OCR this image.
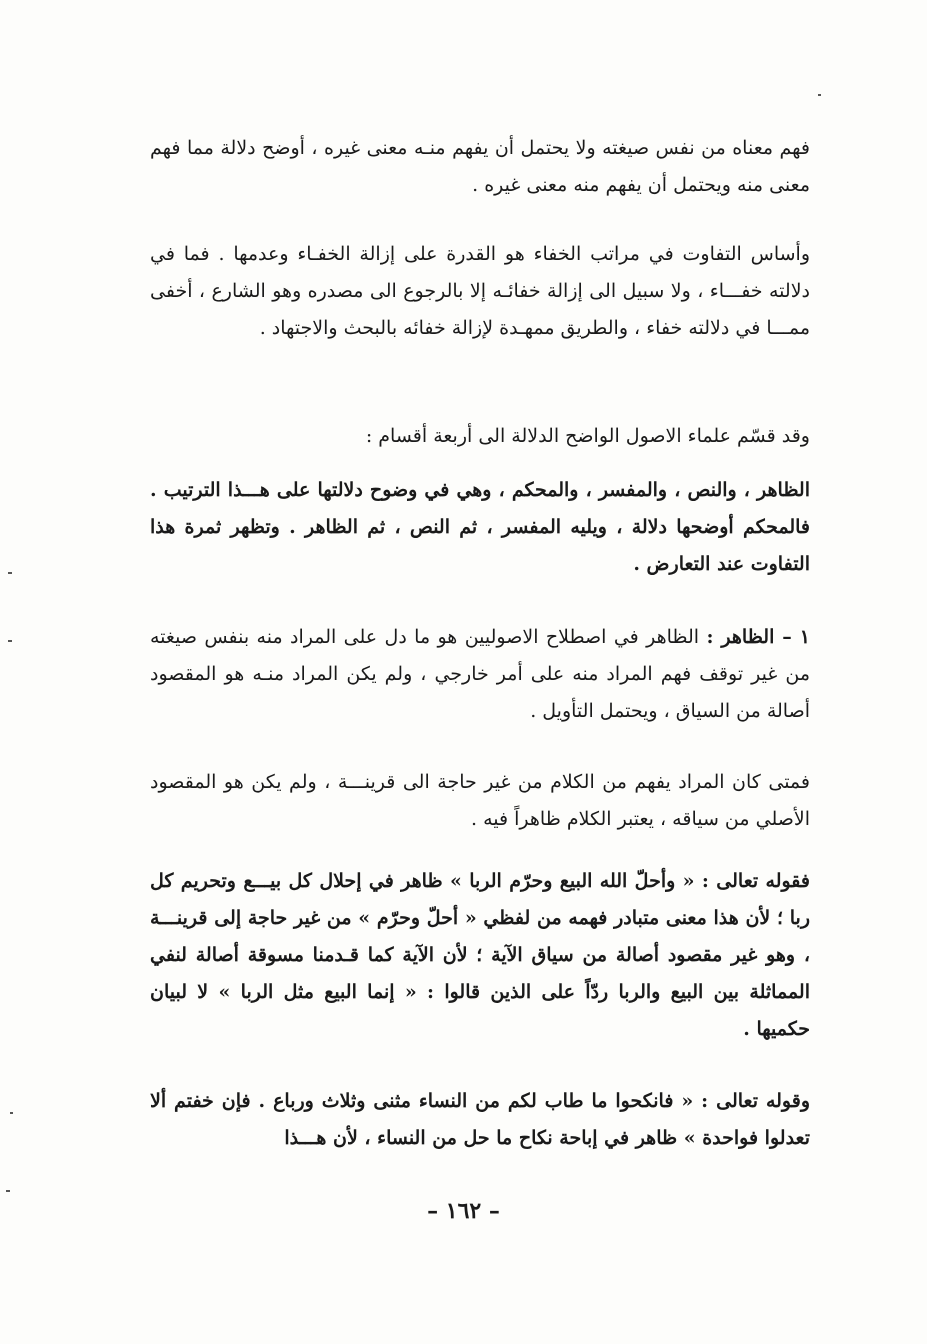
فهم معناه من نفس صيغته ولا يحتمل أن يفهم منـه معنى غيره ، أوضح دلالة مما فهم معنى منه ويحتمل أن يفهم منه معنى غيره .

وأساس التفاوت في مراتب الخفاء هو القدرة على إزالة الخفـاء وعدمها . فما في دلالته خفـــاء ، ولا سبيل الى إزالة خفائـه إلا بالرجوع الى مصدره وهو الشارع ، أخفى ممـــا في دلالته خفاء ، والطريق ممهـدة لإزالة خفائه بالبحث والاجتهاد .

وقد قسّم علماء الاصول الواضح الدلالة الى أربعة أقسام :

الظاهر ، والنص ، والمفسر ، والمحكم ، وهي في وضوح دلالتها على هـــذا الترتيب . فالمحكم أوضحها دلالة ، ويليه المفسر ، ثم النص ، ثم الظاهر . وتظهر ثمرة هذا التفاوت عند التعارض .

١ – الظاهر : الظاهر في اصطلاح الاصوليين هو ما دل على المراد منه بنفس صيغته من غير توقف فهم المراد منه على أمر خارجي ، ولم يكن المراد منـه هو المقصود أصالة من السياق ، ويحتمل التأويل .

فمتى كان المراد يفهم من الكلام من غير حاجة الى قرينـــة ، ولم يكن هو المقصود الأصلي من سياقه ، يعتبر الكلام ظاهراً فيه .

فقوله تعالى : « وأحلّ الله البيع وحرّم الربا » ظاهر في إحلال كل بيـــع وتحريم كل ربا ؛ لأن هذا معنى متبادر فهمه من لفظي « أحلّ وحرّم » من غير حاجة إلى قرينـــة ، وهو غير مقصود أصالة من سياق الآية ؛ لأن الآية كما قـدمنا مسوقة أصالة لنفي المماثلة بين البيع والربا ردّاً على الذين قالوا : « إنما البيع مثل الربا » لا لبيان حكميها .

وقوله تعالى : « فانكحوا ما طاب لكم من النساء مثنى وثلاث ورباع . فإن خفتم ألا تعدلوا فواحدة » ظاهر في إباحة نكاح ما حل من النساء ، لأن هـــذا

– ١٦٢ –
